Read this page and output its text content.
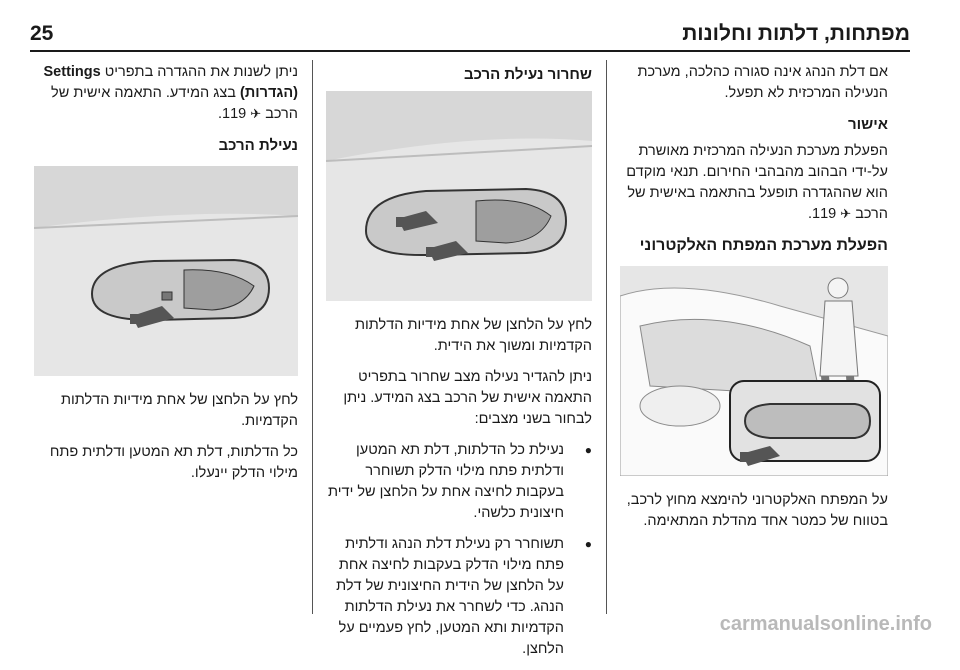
25	מפתחות, דלתות וחלונות

אם דלת הנהג אינה סגורה כהלכה, מערכת הנעילה המרכזית לא תפעל.

אישור

הפעלת מערכת הנעילה המרכזית מאושרת על-ידי הבהוב מהבהבי החירום. תנאי מוקדם הוא שההגדרה תופעל בהתאמה באישית של הרכב ✈ 119.

הפעלת מערכת המפתח האלקטרוני

על המפתח האלקטרוני להימצא מחוץ לרכב, בטווח של כמטר אחד מהדלת המתאימה.

שחרור נעילת הרכב

לחץ על הלחצן של אחת מידיות הדלתות הקדמיות ומשוך את הידית.

ניתן להגדיר נעילה מצב שחרור בתפריט התאמה אישית של הרכב בצג המידע. ניתן לבחור בשני מצבים:

● נעילת כל הדלתות, דלת תא המטען ודלתית פתח מילוי הדלק תשוחרר בעקבות לחיצה אחת על הלחצן של ידית חיצונית כלשהי.
● תשוחרר רק נעילת דלת הנהג ודלתית פתח מילוי הדלק בעקבות לחיצה אחת על הלחצן של הידית החיצונית של דלת הנהג. כדי לשחרר את נעילת הדלתות הקדמיות ותא המטען, לחץ פעמיים על הלחצן.

ניתן לשנות את ההגדרה בתפריט Settings (הגדרות) בצג המידע. התאמה אישית של הרכב ✈ 119.

נעילת הרכב

לחץ על הלחצן של אחת מידיות הדלתות הקדמיות.

כל הדלתות, דלת תא המטען ודלתית פתח מילוי הדלק יינעלו.

carmanualsonline.info
